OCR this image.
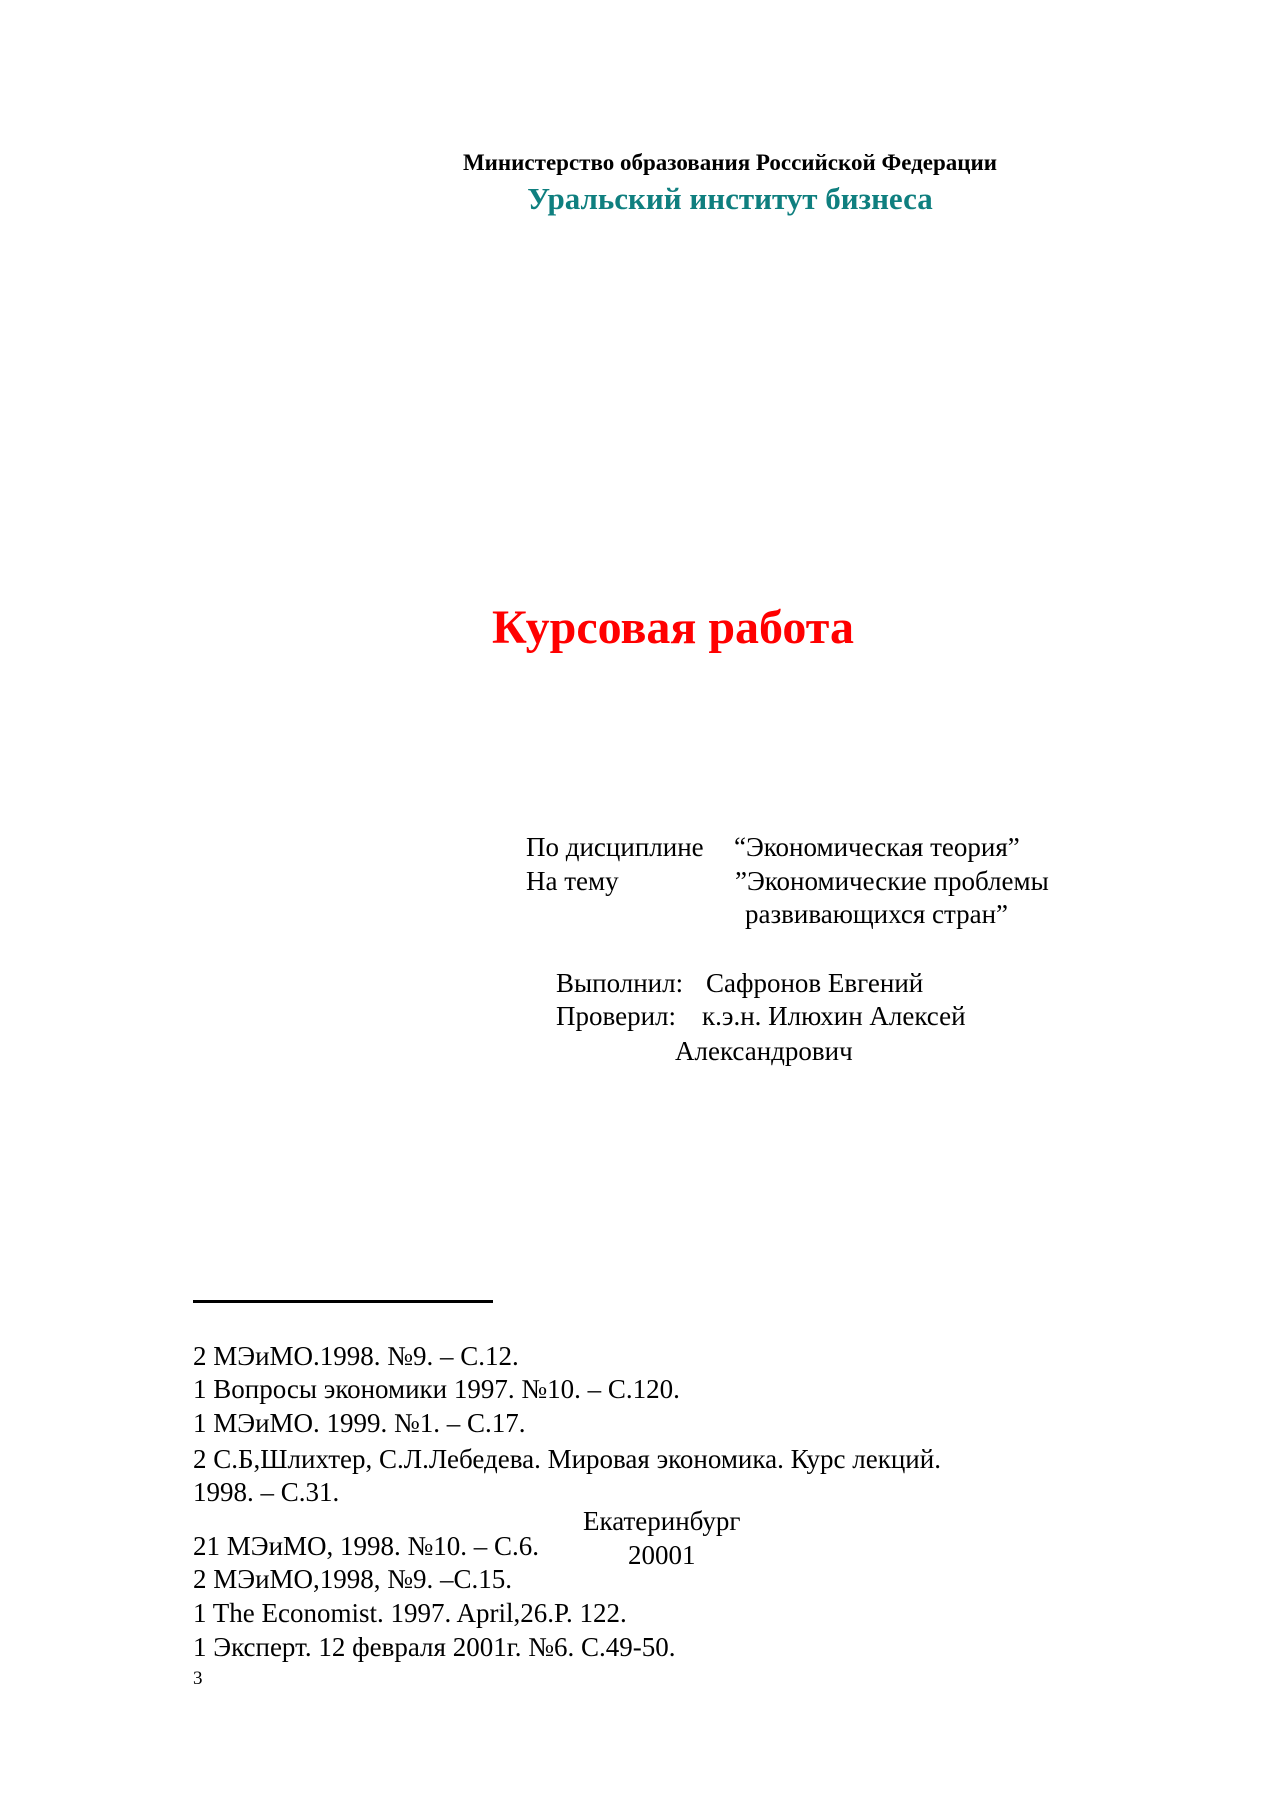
Министерство образования Российской Федерации
Уральский институт бизнеса
Курсовая работа
По дисциплине “Экономическая теория”
На тему	”Экономические проблемы
развивающихся стран”
Выполнил: Сафронов Евгений
Проверил: к.э.н. Илюхин Алексей
Александрович
2 МЭиМО.1998. №9. – С.12.
1 Вопросы экономики 1997. №10. – С.120.
1 МЭиМО. 1999. №1. – С.17.
2 С.Б,Шлихтер, С.Л.Лебедева. Мировая экономика. Курс лекций.
1998. – С.31.
21 МЭиМО, 1998. №10. – С.6.
2 МЭиМО,1998, №9. –С.15.
1 The Economist. 1997. April,26.P. 122.
1 Эксперт. 12 февраля 2001г. №6. С.49-50.
Екатеринбург
20001
3
